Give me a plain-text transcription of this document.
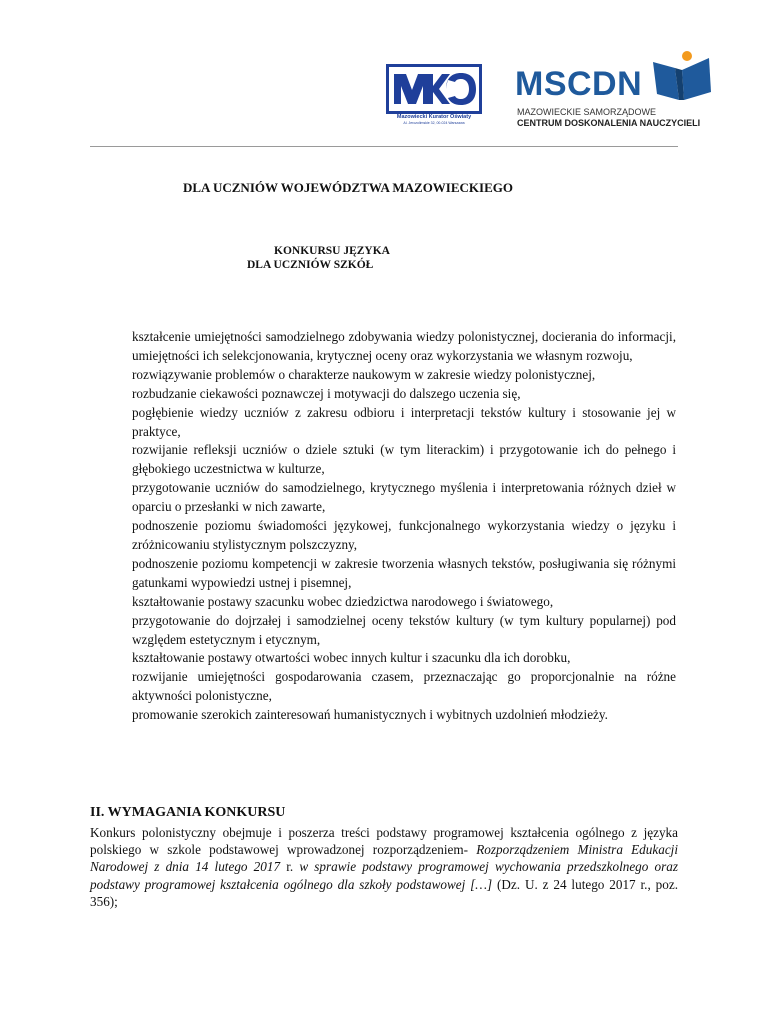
Mazowiecki Kurator Oświaty
Al. Jerozolimskie 32, 00-024 Warszawa
MSCDN
MAZOWIECKIE SAMORZĄDOWE
CENTRUM DOSKONALENIA NAUCZYCIELI
DLA UCZNIÓW WOJEWÓDZTWA MAZOWIECKIEGO
KONKURSU JĘZYKA
DLA UCZNIÓW SZKÓŁ
kształcenie umiejętności samodzielnego zdobywania wiedzy polonistycznej, docierania do informacji, umiejętności ich selekcjonowania, krytycznej oceny oraz wykorzystania we własnym rozwoju,
rozwiązywanie problemów o charakterze naukowym w zakresie wiedzy polonistycznej,
rozbudzanie ciekawości poznawczej i motywacji do dalszego uczenia się,
pogłębienie wiedzy uczniów z zakresu odbioru i interpretacji tekstów kultury i stosowanie jej w praktyce,
rozwijanie refleksji uczniów o dziele sztuki (w tym literackim) i przygotowanie ich do pełnego i głębokiego uczestnictwa w kulturze,
przygotowanie uczniów do samodzielnego, krytycznego myślenia i interpretowania różnych dzieł w oparciu o przesłanki w nich zawarte,
podnoszenie poziomu świadomości językowej, funkcjonalnego wykorzystania wiedzy o języku i zróżnicowaniu stylistycznym polszczyzny,
podnoszenie poziomu kompetencji w zakresie tworzenia własnych tekstów, posługiwania się różnymi gatunkami wypowiedzi ustnej i pisemnej,
kształtowanie postawy szacunku wobec dziedzictwa narodowego i światowego,
przygotowanie do dojrzałej i samodzielnej oceny tekstów kultury (w tym kultury popularnej) pod względem estetycznym i etycznym,
kształtowanie postawy otwartości wobec innych kultur i szacunku dla ich dorobku,
rozwijanie umiejętności gospodarowania czasem, przeznaczając go proporcjonalnie na różne aktywności polonistyczne,
promowanie szerokich zainteresowań humanistycznych i wybitnych uzdolnień młodzieży.
II. WYMAGANIA KONKURSU

Konkurs polonistyczny obejmuje i poszerza treści podstawy programowej kształcenia ogólnego z języka polskiego w szkole podstawowej wprowadzonej rozporządzeniem- Rozporządzeniem Ministra Edukacji Narodowej z dnia 14 lutego 2017 r. w sprawie podstawy programowej wychowania przedszkolnego oraz podstawy programowej kształcenia ogólnego dla szkoły podstawowej […] (Dz. U. z 24 lutego 2017 r., poz. 356);
